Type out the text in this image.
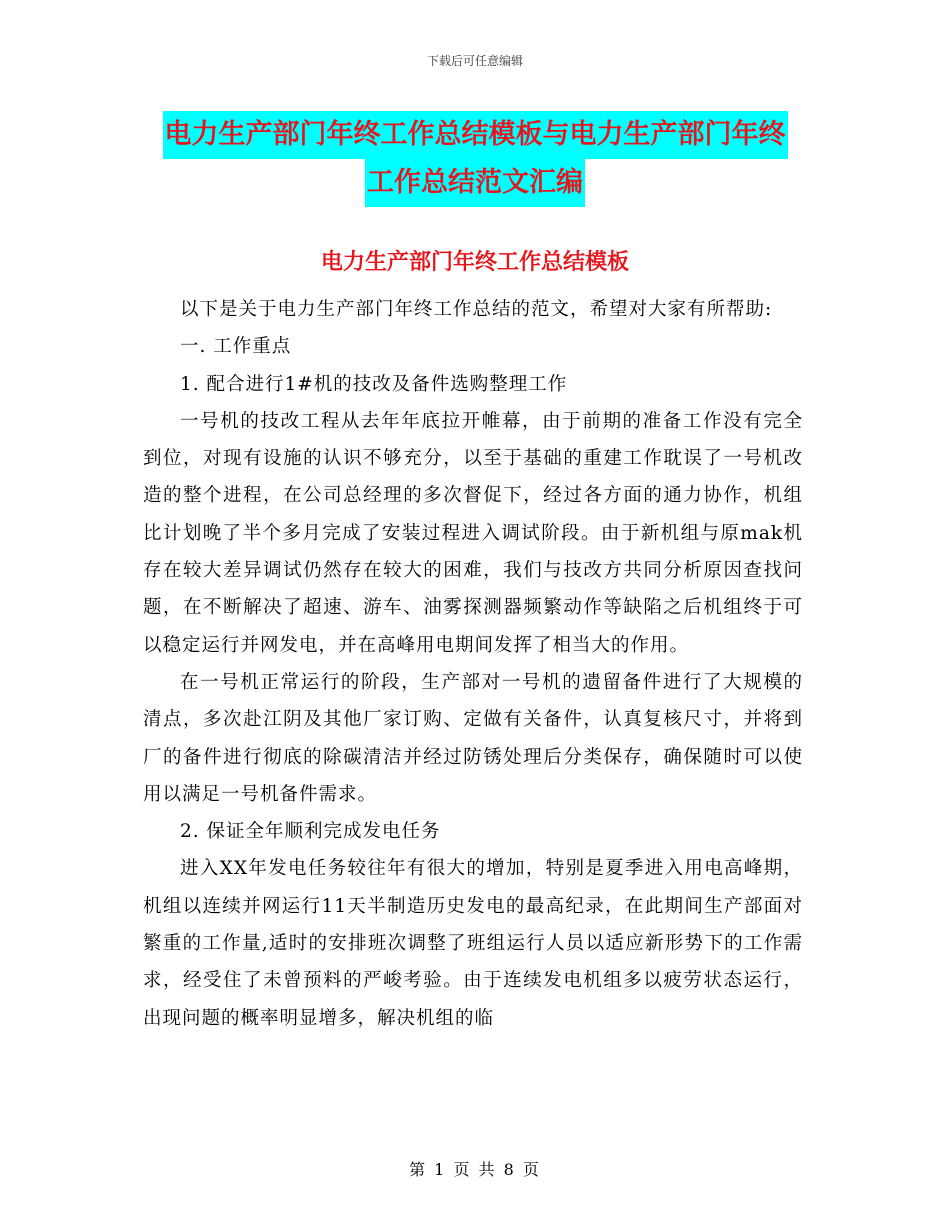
下载后可任意编辑
电力生产部门年终工作总结模板与电力生产部门年终
工作总结范文汇编
电力生产部门年终工作总结模板

以下是关于电力生产部门年终工作总结的范文，希望对大家有所帮助:

一. 工作重点

1. 配合进行1#机的技改及备件选购整理工作

一号机的技改工程从去年年底拉开帷幕，由于前期的准备工作没有完全到位，对现有设施的认识不够充分，以至于基础的重建工作耽误了一号机改造的整个进程，在公司总经理的多次督促下，经过各方面的通力协作，机组比计划晚了半个多月完成了安装过程进入调试阶段。由于新机组与原mak机存在较大差异调试仍然存在较大的困难，我们与技改方共同分析原因查找问题，在不断解决了超速、游车、油雾探测器频繁动作等缺陷之后机组终于可以稳定运行并网发电，并在高峰用电期间发挥了相当大的作用。

在一号机正常运行的阶段，生产部对一号机的遗留备件进行了大规模的清点，多次赴江阴及其他厂家订购、定做有关备件，认真复核尺寸，并将到厂的备件进行彻底的除碳清洁并经过防锈处理后分类保存，确保随时可以使用以满足一号机备件需求。

2. 保证全年顺利完成发电任务

进入XX年发电任务较往年有很大的增加，特别是夏季进入用电高峰期，机组以连续并网运行11天半制造历史发电的最高纪录，在此期间生产部面对繁重的工作量,适时的安排班次调整了班组运行人员以适应新形势下的工作需求，经受住了未曾预料的严峻考验。由于连续发电机组多以疲劳状态运行，出现问题的概率明显增多，解决机组的临

第 1 页 共 8 页
